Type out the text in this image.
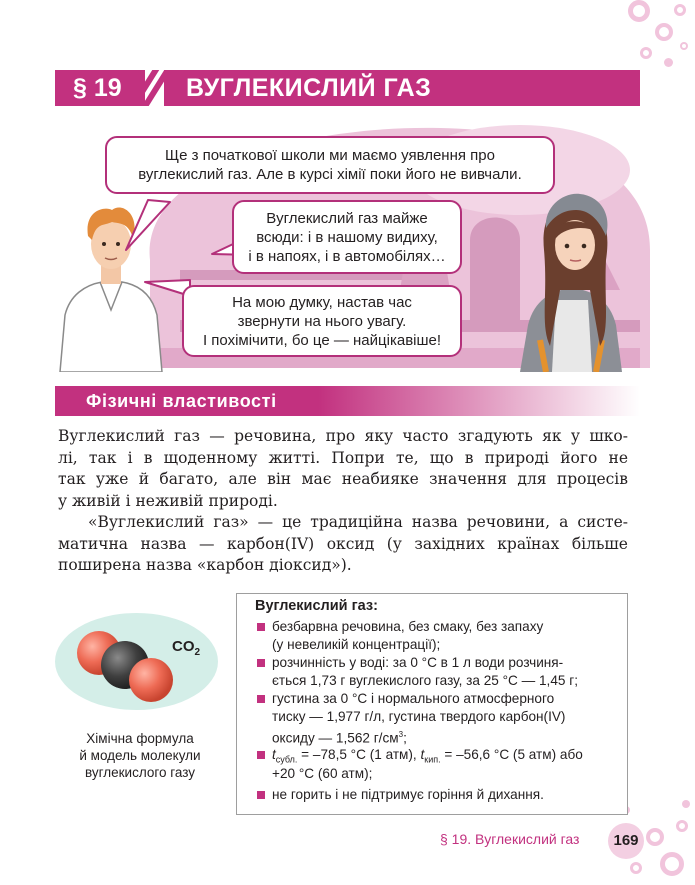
§ 19	ВУГЛЕКИСЛИЙ ГАЗ
Ще з початкової школи ми маємо уявлення про
вуглекислий газ. Але в курсі хімії поки його не вивчали.
Вуглекислий газ майже
всюди: і в нашому видиху,
і в напоях, і в автомобілях…
На мою думку, настав час
звернути на нього увагу.
І похімічити, бо це — найцікавіше!
Фізичні властивості
Вуглекислий газ — речовина, про яку часто згадують як у шко-
лі, так і в щоденному житті. Попри те, що в природі його не
так уже й багато, але він має неабияке значення для процесів
у живій і неживій природі.
«Вуглекислий газ» — це традиційна назва речовини, а систе-
матична назва — карбон(IV) оксид (у західних країнах більше
поширена назва «карбон діоксид»).
$CO_2$
Хімічна формула
й модель молекули
вуглекислого газу
Вуглекислий газ:
безбарвна речовина, без смаку, без запаху
(у невеликій концентрації);
розчинність у воді: за 0 °С в 1 л води розчиня-
ється 1,73 г вуглекислого газу, за 25 °С — 1,45 г;
густина за 0 °С і нормального атмосферного
тиску — 1,977 г/л, густина твердого карбон(IV)
оксиду — 1,562 $г/см^3$;
$t_{субл.} = -78,5$ °С (1 атм), $t_{кип.} = -56,6$ °С (5 атм) або
+20 °С (60 атм);
не горить і не підтримує горіння й дихання.
§ 19. Вуглекислий газ	169
